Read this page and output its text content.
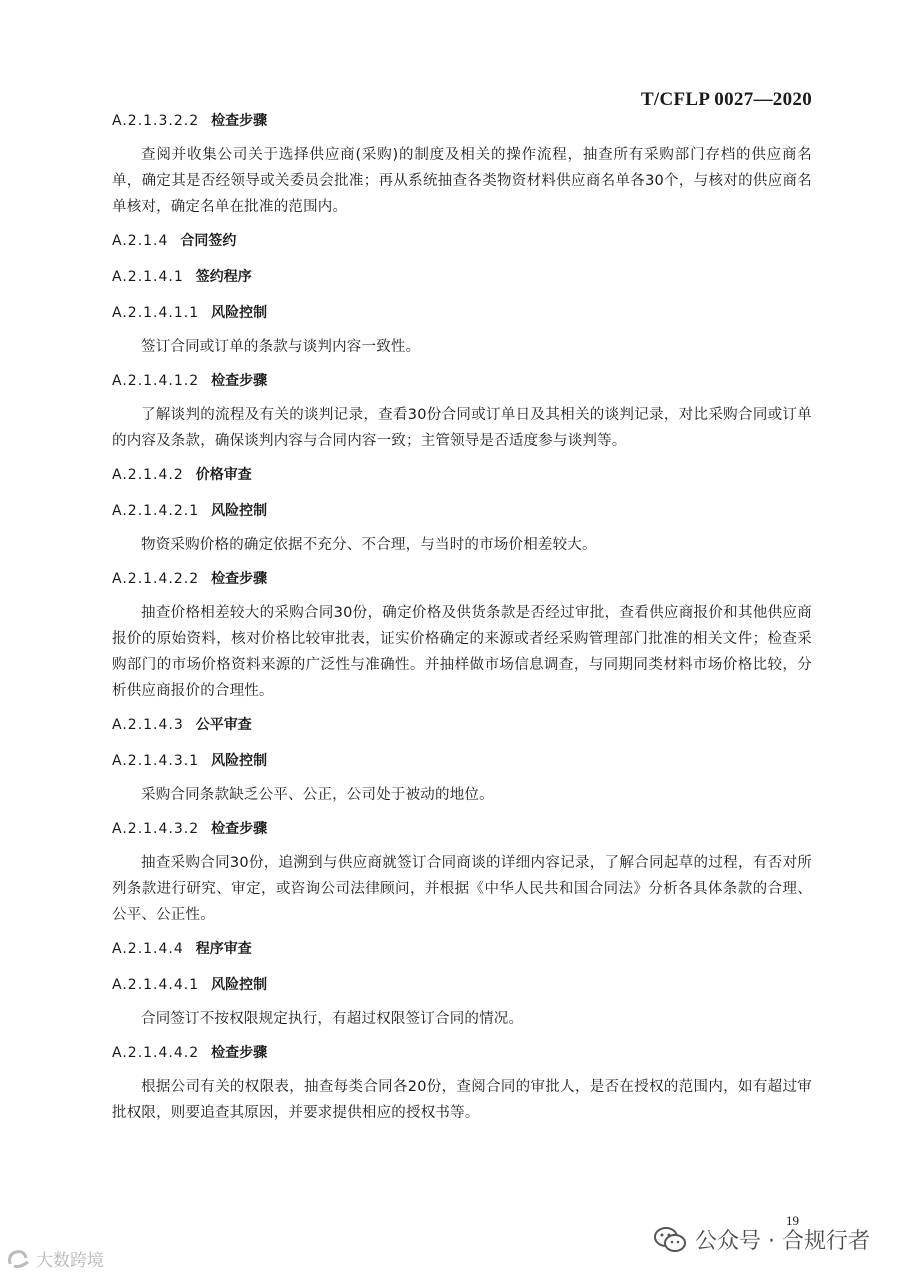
T/CFLP 0027—2020
A.2.1.3.2.2 检查步骤
查阅并收集公司关于选择供应商(采购)的制度及相关的操作流程，抽查所有采购部门存档的供应商名单，确定其是否经领导或关委员会批准；再从系统抽查各类物资材料供应商名单各30个，与核对的供应商名单核对，确定名单在批准的范围内。
A.2.1.4 合同签约
A.2.1.4.1 签约程序
A.2.1.4.1.1 风险控制
签订合同或订单的条款与谈判内容一致性。
A.2.1.4.1.2 检查步骤
了解谈判的流程及有关的谈判记录，查看30份合同或订单日及其相关的谈判记录，对比采购合同或订单的内容及条款，确保谈判内容与合同内容一致；主管领导是否适度参与谈判等。
A.2.1.4.2 价格审查
A.2.1.4.2.1 风险控制
物资采购价格的确定依据不充分、不合理，与当时的市场价相差较大。
A.2.1.4.2.2 检查步骤
抽查价格相差较大的采购合同30份，确定价格及供货条款是否经过审批，查看供应商报价和其他供应商报价的原始资料，核对价格比较审批表，证实价格确定的来源或者经采购管理部门批准的相关文件；检查采购部门的市场价格资料来源的广泛性与准确性。并抽样做市场信息调查，与同期同类材料市场价格比较，分析供应商报价的合理性。
A.2.1.4.3 公平审查
A.2.1.4.3.1 风险控制
采购合同条款缺乏公平、公正，公司处于被动的地位。
A.2.1.4.3.2 检查步骤
抽查采购合同30份，追溯到与供应商就签订合同商谈的详细内容记录，了解合同起草的过程，有否对所列条款进行研究、审定，或咨询公司法律顾问，并根据《中华人民共和国合同法》分析各具体条款的合理、公平、公正性。
A.2.1.4.4 程序审查
A.2.1.4.4.1 风险控制
合同签订不按权限规定执行，有超过权限签订合同的情况。
A.2.1.4.4.2 检查步骤
根据公司有关的权限表，抽查每类合同各20份，查阅合同的审批人，是否在授权的范围内，如有超过审批权限，则要追查其原因，并要求提供相应的授权书等。
19
公众号 · 合规行者
大数跨境
